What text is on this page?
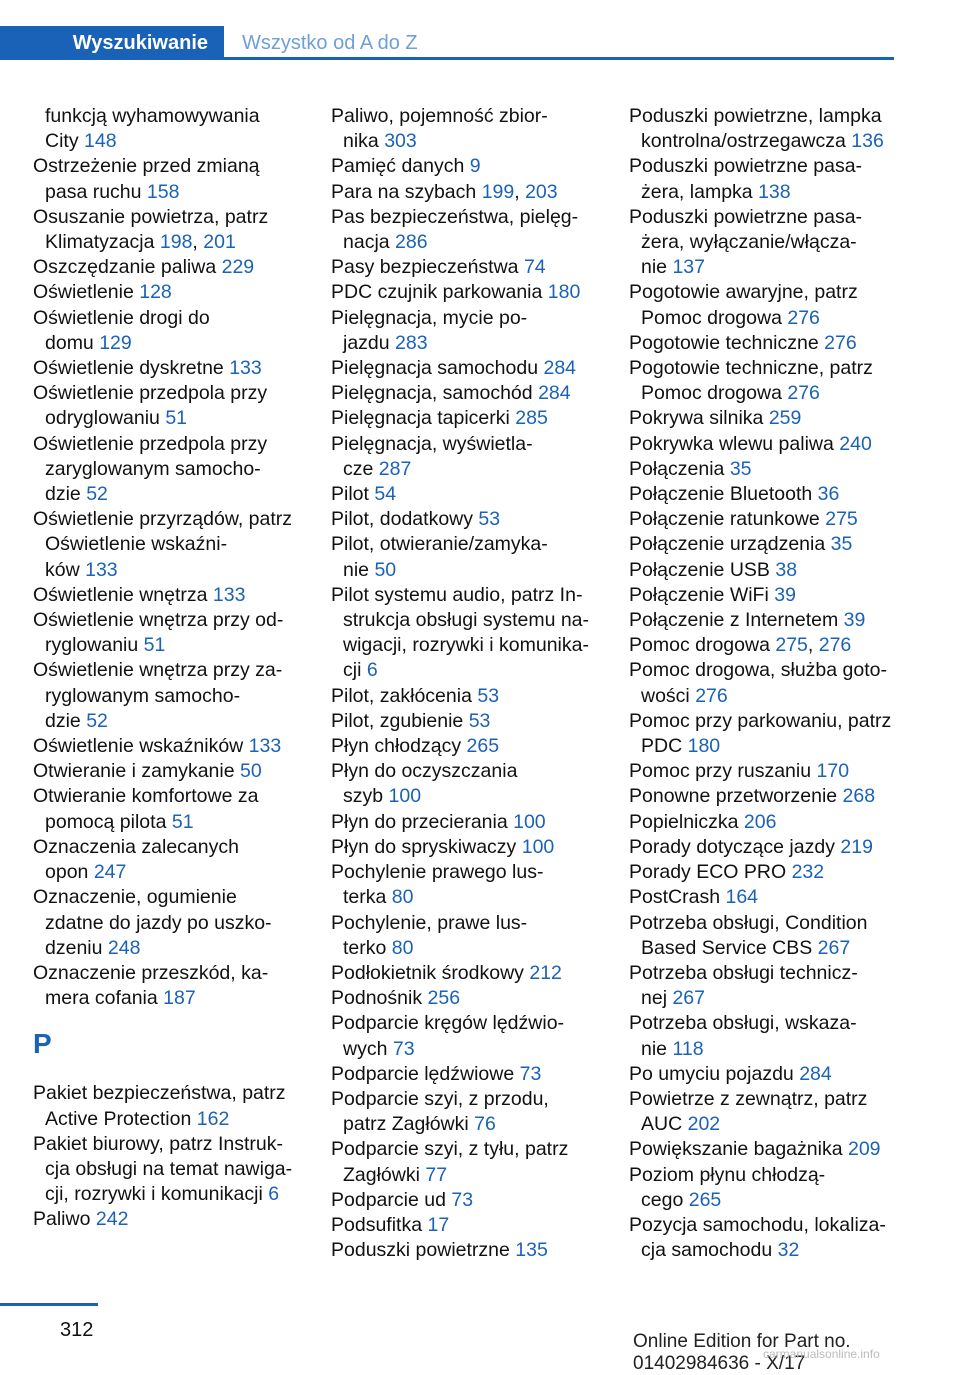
Wyszukiwanie	Wszystko od A do Z

funkcją wyhamowywania
City 148

Ostrzeżenie przed zmianą
pasa ruchu 158

Osuszanie powietrza, patrz
Klimatyzacja 198, 201

Oszczędzanie paliwa 229

Oświetlenie 128

Oświetlenie drogi do
domu 129

Oświetlenie dyskretne 133

Oświetlenie przedpola przy
odryglowaniu 51

Oświetlenie przedpola przy
zaryglowanym samocho-
dzie 52

Oświetlenie przyrządów, patrz
Oświetlenie wskaźni-
ków 133

Oświetlenie wnętrza 133

Oświetlenie wnętrza przy od-
ryglowaniu 51

Oświetlenie wnętrza przy za-
ryglowanym samocho-
dzie 52

Oświetlenie wskaźników 133

Otwieranie i zamykanie 50

Otwieranie komfortowe za
pomocą pilota 51

Oznaczenia zalecanych
opon 247

Oznaczenie, ogumienie
zdatne do jazdy po uszko-
dzeniu 248

Oznaczenie przeszkód, ka-
mera cofania 187

P

Pakiet bezpieczeństwa, patrz
Active Protection 162

Pakiet biurowy, patrz Instruk-
cja obsługi na temat nawiga-
cji, rozrywki i komunikacji 6

Paliwo 242

Paliwo, pojemność zbior-
nika 303

Pamięć danych 9

Para na szybach 199, 203

Pas bezpieczeństwa, pielęg-
nacja 286

Pasy bezpieczeństwa 74

PDC czujnik parkowania 180

Pielęgnacja, mycie po-
jazdu 283

Pielęgnacja samochodu 284

Pielęgnacja, samochód 284

Pielęgnacja tapicerki 285

Pielęgnacja, wyświetla-
cze 287

Pilot 54

Pilot, dodatkowy 53

Pilot, otwieranie/zamyka-
nie 50

Pilot systemu audio, patrz In-
strukcja obsługi systemu na-
wigacji, rozrywki i komunika-
cji 6

Pilot, zakłócenia 53

Pilot, zgubienie 53

Płyn chłodzący 265

Płyn do oczyszczania
szyb 100

Płyn do przecierania 100

Płyn do spryskiwaczy 100

Pochylenie prawego lus-
terka 80

Pochylenie, prawe lus-
terko 80

Podłokietnik środkowy 212

Podnośnik 256

Podparcie kręgów lędźwio-
wych 73

Podparcie lędźwiowe 73

Podparcie szyi, z przodu,
patrz Zagłówki 76

Podparcie szyi, z tyłu, patrz
Zagłówki 77

Podparcie ud 73

Podsufitka 17

Poduszki powietrzne 135

Poduszki powietrzne, lampka
kontrolna/ostrzegawcza 136

Poduszki powietrzne pasa-
żera, lampka 138

Poduszki powietrzne pasa-
żera, wyłączanie/włącza-
nie 137

Pogotowie awaryjne, patrz
Pomoc drogowa 276

Pogotowie techniczne 276

Pogotowie techniczne, patrz
Pomoc drogowa 276

Pokrywa silnika 259

Pokrywka wlewu paliwa 240

Połączenia 35

Połączenie Bluetooth 36

Połączenie ratunkowe 275

Połączenie urządzenia 35

Połączenie USB 38

Połączenie WiFi 39

Połączenie z Internetem 39

Pomoc drogowa 275, 276

Pomoc drogowa, służba goto-
wości 276

Pomoc przy parkowaniu, patrz
PDC 180

Pomoc przy ruszaniu 170

Ponowne przetworzenie 268

Popielniczka 206

Porady dotyczące jazdy 219

Porady ECO PRO 232

PostCrash 164

Potrzeba obsługi, Condition
Based Service CBS 267

Potrzeba obsługi technicz-
nej 267

Potrzeba obsługi, wskaza-
nie 118

Po umyciu pojazdu 284

Powietrze z zewnątrz, patrz
AUC 202

Powiększanie bagażnika 209

Poziom płynu chłodzą-
cego 265

Pozycja samochodu, lokaliza-
cja samochodu 32

312
Online Edition for Part no. 01402984636 - X/17
carmanualsonline.info
